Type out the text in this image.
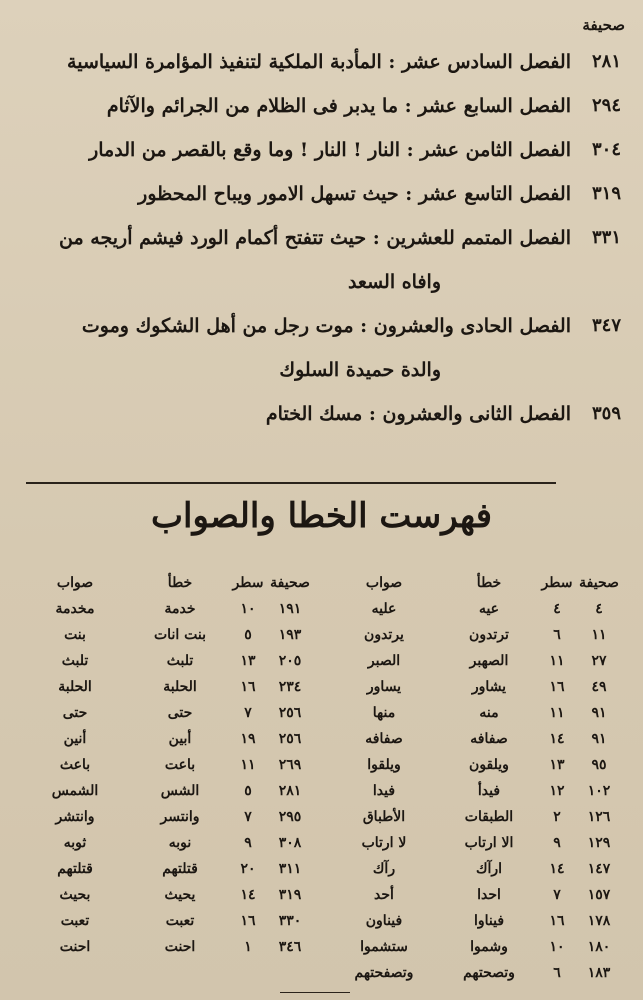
صحيفة
٢٨١
الفصل السادس عشر : المأدبة الملكية لتنفيذ المؤامرة السياسية
٢٩٤
الفصل السابع عشر : ما يدبر فى الظلام من الجرائم والآثام
٣٠٤
الفصل الثامن عشر : النار ! النار ! وما وقع بالقصر من الدمار
٣١٩
الفصل التاسع عشر : حيث تسهل الامور ويباح المحظور
٣٣١
الفصل المتمم للعشرين : حيث تتفتح أكمام الورد فيشم أريجه من
وافاه السعد
٣٤٧
الفصل الحادى والعشرون : موت رجل من أهل الشكوك وموت
والدة حميدة السلوك
٣٥٩
الفصل الثانى والعشرون : مسك الختام
فهرست الخطا والصواب
صحيفة
سطر
خطأ
صواب
٤
٤
عيه
عليه
١١
٦
ترتدون
يرتدون
٢٧
١١
الصهبر
الصبر
٤٩
١٦
يشاور
يساور
٩١
١١
منه
منها
٩١
١٤
صفافه
صفافه
٩٥
١٣
ويلقون
ويلقوا
١٠٢
١٢
فيدأ
فيدا
١٢٦
٢
الطبقات
الأطباق
١٢٩
٩
الا ارتاب
لا ارتاب
١٤٧
١٤
ارآك
رآك
١٥٧
٧
احدا
أحد
١٧٨
١٦
فيناوا
فيناون
١٨٠
١٠
وشموا
ستشموا
١٨٣
٦
وتصحتهم
وتصفحتهم
صحيفة
سطر
خطأ
صواب
١٩١
١٠
خدمة
مخدمة
١٩٣
٥
بنت انات
بنت
٢٠٥
١٣
تلبث
تلبث
٢٣٤
١٦
الحلبة
الحلبة
٢٥٦
٧
حتى
حتى
٢٥٦
١٩
أبين
أنين
٢٦٩
١١
باعت
باعث
٢٨١
٥
الشس
الشمس
٢٩٥
٧
وانتسر
وانتشر
٣٠٨
٩
نوبه
ثوبه
٣١١
٢٠
قتلتهم
قتلتهم
٣١٩
١٤
يحيث
بحيث
٣٣٠
١٦
تعبت
تعبت
٣٤٦
١
احنت
احنت
